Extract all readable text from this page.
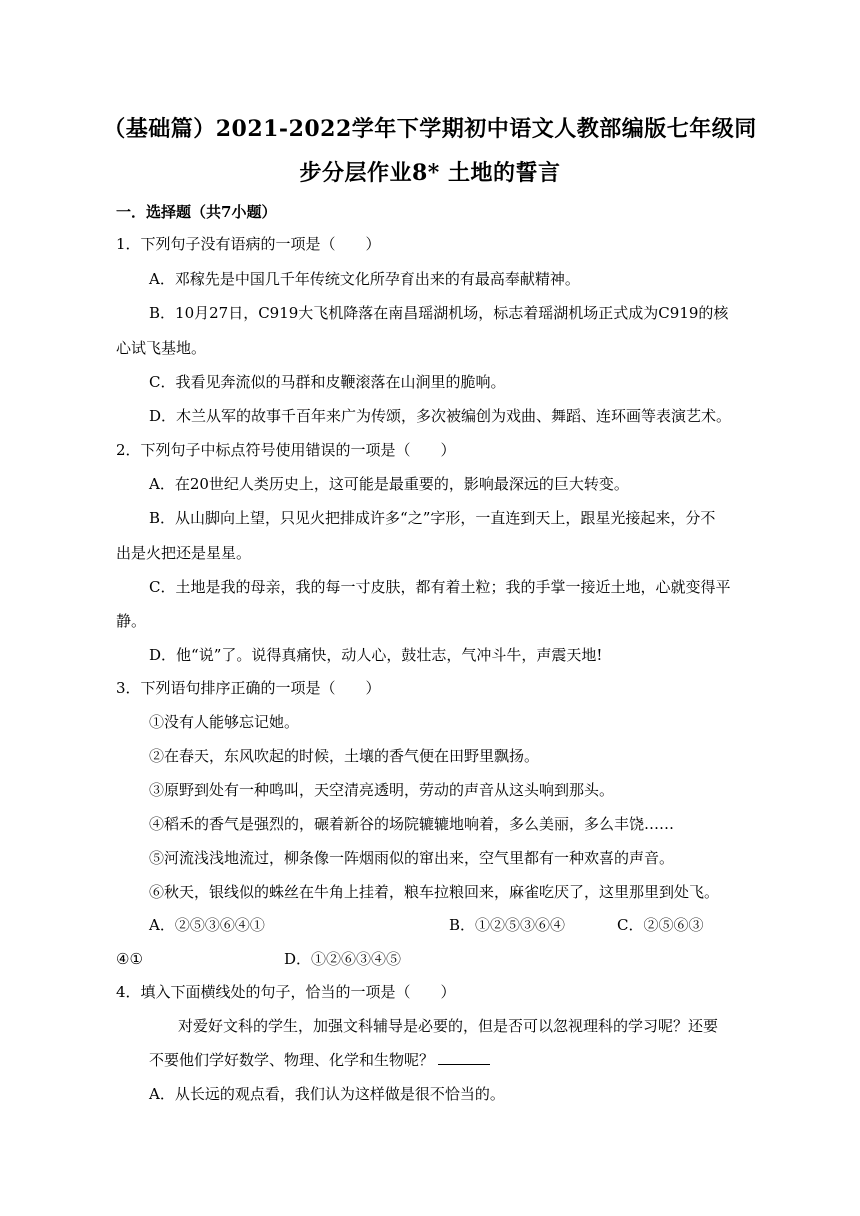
（基础篇）2021-2022学年下学期初中语文人教部编版七年级同
步分层作业8* 土地的誓言
一．选择题（共7小题）
1．下列句子没有语病的一项是（　　）
A．邓稼先是中国几千年传统文化所孕育出来的有最高奉献精神。
B．10月27日，C919大飞机降落在南昌瑶湖机场，标志着瑶湖机场正式成为C919的核
心试飞基地。
C．我看见奔流似的马群和皮鞭滚落在山涧里的脆响。
D．木兰从军的故事千百年来广为传颂，多次被编创为戏曲、舞蹈、连环画等表演艺术。
2．下列句子中标点符号使用错误的一项是（　　）
A．在20世纪人类历史上，这可能是最重要的，影响最深远的巨大转变。
B．从山脚向上望，只见火把排成许多“之”字形，一直连到天上，跟星光接起来，分不
出是火把还是星星。
C．土地是我的母亲，我的每一寸皮肤，都有着土粒；我的手掌一接近土地，心就变得平
静。
D．他“说”了。说得真痛快，动人心，鼓壮志，气冲斗牛，声震天地!
3．下列语句排序正确的一项是（　　）
①没有人能够忘记她。
②在春天，东风吹起的时候，土壤的香气便在田野里飘扬。
③原野到处有一种鸣叫，天空清亮透明，劳动的声音从这头响到那头。
④稻禾的香气是强烈的，碾着新谷的场院辘辘地响着，多么美丽，多么丰饶……
⑤河流浅浅地流过，柳条像一阵烟雨似的窜出来，空气里都有一种欢喜的声音。
⑥秋天，银线似的蛛丝在牛角上挂着，粮车拉粮回来，麻雀吃厌了，这里那里到处飞。
A．②⑤③⑥④①	B．①②⑤③⑥④	C．②⑤⑥③
④①	D．①②⑥③④⑤
4．填入下面横线处的句子，恰当的一项是（　　）
对爱好文科的学生，加强文科辅导是必要的，但是否可以忽视理科的学习呢？还要
不要他们学好数学、物理、化学和生物呢？
A．从长远的观点看，我们认为这样做是很不恰当的。
